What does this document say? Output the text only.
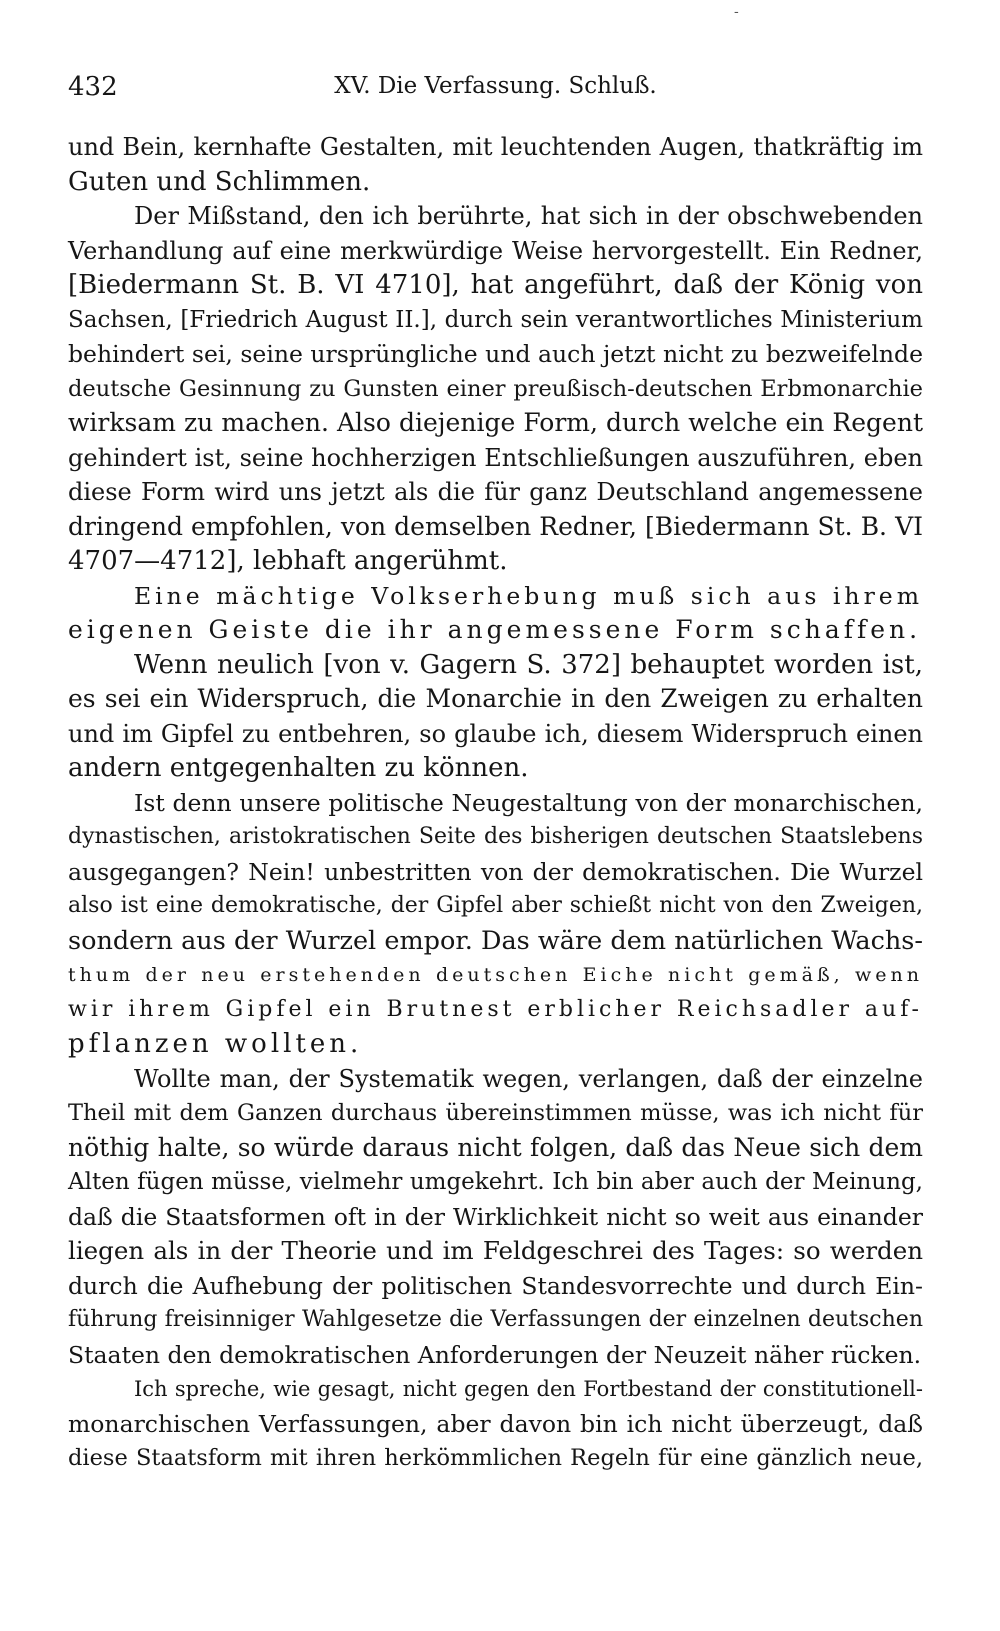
-
432	XV. Die Verfassung. Schluß.
und Bein, kernhafte Gestalten, mit leuchtenden Augen, thatkräftig im
Guten und Schlimmen.
Der Mißstand, den ich berührte, hat sich in der obschwebenden
Verhandlung auf eine merkwürdige Weise hervorgestellt. Ein Redner,
[Biedermann St. B. VI 4710], hat angeführt, daß der König von
Sachsen, [Friedrich August II.], durch sein verantwortliches Ministerium
behindert sei, seine ursprüngliche und auch jetzt nicht zu bezweifelnde
deutsche Gesinnung zu Gunsten einer preußisch-deutschen Erbmonarchie
wirksam zu machen. Also diejenige Form, durch welche ein Regent
gehindert ist, seine hochherzigen Entschließungen auszuführen, eben
diese Form wird uns jetzt als die für ganz Deutschland angemessene
dringend empfohlen, von demselben Redner, [Biedermann St. B. VI
4707—4712], lebhaft angerühmt.
Eine mächtige Volkserhebung muß sich aus ihrem
eigenen Geiste die ihr angemessene Form schaffen.
Wenn neulich [von v. Gagern S. 372] behauptet worden ist,
es sei ein Widerspruch, die Monarchie in den Zweigen zu erhalten
und im Gipfel zu entbehren, so glaube ich, diesem Widerspruch einen
andern entgegenhalten zu können.
Ist denn unsere politische Neugestaltung von der monarchischen,
dynastischen, aristokratischen Seite des bisherigen deutschen Staatslebens
ausgegangen? Nein! unbestritten von der demokratischen. Die Wurzel
also ist eine demokratische, der Gipfel aber schießt nicht von den Zweigen,
sondern aus der Wurzel empor. Das wäre dem natürlichen Wachs-
thum der neu erstehenden deutschen Eiche nicht gemäß, wenn
wir ihrem Gipfel ein Brutnest erblicher Reichsadler auf-
pflanzen wollten.
Wollte man, der Systematik wegen, verlangen, daß der einzelne
Theil mit dem Ganzen durchaus übereinstimmen müsse, was ich nicht für
nöthig halte, so würde daraus nicht folgen, daß das Neue sich dem
Alten fügen müsse, vielmehr umgekehrt. Ich bin aber auch der Meinung,
daß die Staatsformen oft in der Wirklichkeit nicht so weit aus einander
liegen als in der Theorie und im Feldgeschrei des Tages: so werden
durch die Aufhebung der politischen Standesvorrechte und durch Ein-
führung freisinniger Wahlgesetze die Verfassungen der einzelnen deutschen
Staaten den demokratischen Anforderungen der Neuzeit näher rücken.
Ich spreche, wie gesagt, nicht gegen den Fortbestand der constitutionell-
monarchischen Verfassungen, aber davon bin ich nicht überzeugt, daß
diese Staatsform mit ihren herkömmlichen Regeln für eine gänzlich neue,
